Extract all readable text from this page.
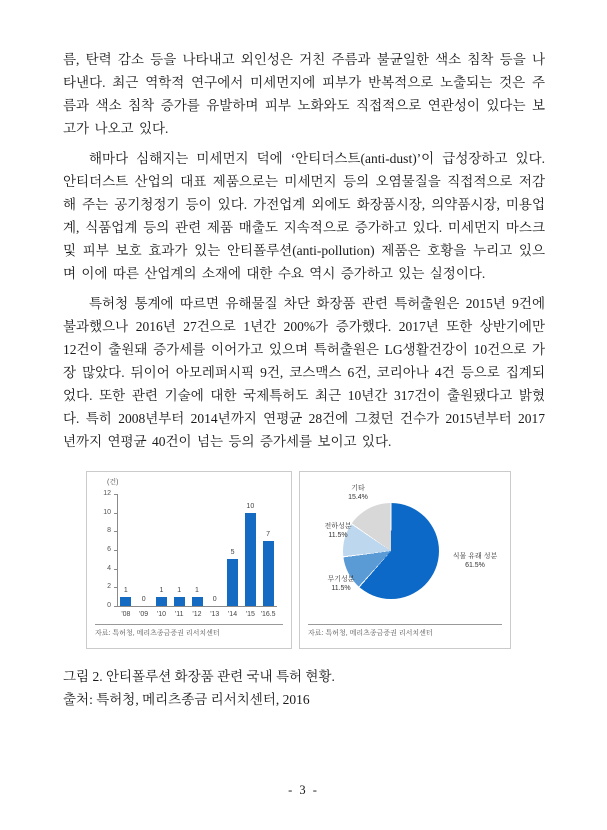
름, 탄력 감소 등을 나타내고 외인성은 거친 주름과 불균일한 색소 침착 등을 나타낸다. 최근 역학적 연구에서 미세먼지에 피부가 반복적으로 노출되는 것은 주름과 색소 침착 증가를 유발하며 피부 노화와도 직접적으로 연관성이 있다는 보고가 나오고 있다.

해마다 심해지는 미세먼지 덕에 ‘안티더스트(anti-dust)’이 급성장하고 있다. 안티더스트 산업의 대표 제품으로는 미세먼지 등의 오염물질을 직접적으로 저감해 주는 공기청정기 등이 있다. 가전업계 외에도 화장품시장, 의약품시장, 미용업계, 식품업계 등의 관련 제품 매출도 지속적으로 증가하고 있다. 미세먼지 마스크 및 피부 보호 효과가 있는 안티폴루션(anti-pollution) 제품은 호황을 누리고 있으며 이에 따른 산업계의 소재에 대한 수요 역시 증가하고 있는 실정이다.

특허청 통계에 따르면 유해물질 차단 화장품 관련 특허출원은 2015년 9건에 불과했으나 2016년 27건으로 1년간 200%가 증가했다. 2017년 또한 상반기에만 12건이 출원돼 증가세를 이어가고 있으며 특허출원은 LG생활건강이 10건으로 가장 많았다. 뒤이어 아모레퍼시픽 9건, 코스맥스 6건, 코리아나 4건 등으로 집계되었다. 또한 관련 기술에 대한 국제특허도 최근 10년간 317건이 출원됐다고 밝혔다. 특히 2008년부터 2014년까지 연평균 28건에 그쳤던 건수가 2015년부터 2017년까지 연평균 40건이 넘는 등의 증가세를 보이고 있다.

(건)
0
2
4
6
8
10
12
1
'08
0
'09
1
'10
1
'11
1
'12
0
'13
5
'14
10
'15
7
'16.5
자료: 특허청, 메리츠종금증권 리서치센터
식물 유래 성분
61.5%
무기성분
11.5%
전하성분
11.5%
기타
15.4%
자료: 특허청, 메리츠종금증권 리서치센터
그림 2. 안티폴루션 화장품 관련 국내 특허 현황.
출처: 특허청, 메리츠종금 리서치센터, 2016
- 3 -
